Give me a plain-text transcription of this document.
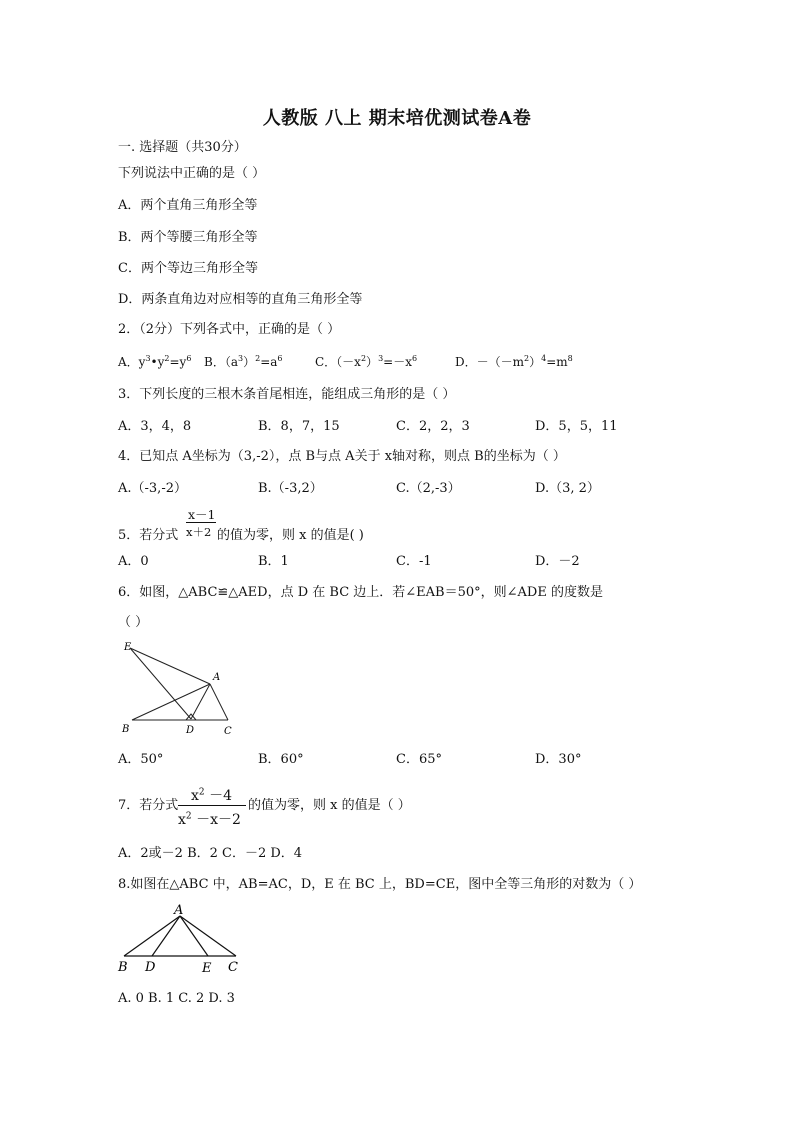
人教版 八上 期末培优测试卷A卷
一. 选择题（共30分）
下列说法中正确的是（ ）
A．两个直角三角形全等
B．两个等腰三角形全等
C．两个等边三角形全等
D．两条直角边对应相等的直角三角形全等
2．（2分）下列各式中，正确的是（ ）
A．$y^3•y^2=y^6$ B．$(a^3)^2=a^6$	C．$(-x^2)^3=-x^6$	D．$-(-m^2)^4=m^8$
3．下列长度的三根木条首尾相连，能组成三角形的是（ ）
A．3，4，8	B．8，7，15	C．2，2，3	D．5，5，11
4．已知点 A坐标为（3,-2），点 B与点 A关于 x轴对称，则点 B的坐标为（ ）
A.（-3,-2）	B.（-3,2）	C.（2,-3）	D.（3, 2）
x－1
x＋2
5．若分式	的值为零，则 x 的值是( )
A．0	B．1	C．-1	D．－2
6．如图，△ABC≌△AED，点 D 在 BC 边上．若∠EAB＝50°，则∠ADE 的度数是
（ ）
E
A
B	D	C
A．50°	B．60°	C．65°	D．30°
$x^2 -4$
$x^2 -x-2$
7．若分式	的值为零，则 x 的值是（ ）
A．2或－2 B．2 C．－2 D．4
8.如图在△ABC 中，AB=AC，D，E 在 BC 上，BD=CE，图中全等三角形的对数为（ ）
A
B D	E C
A. 0 B. 1 C. 2 D. 3
